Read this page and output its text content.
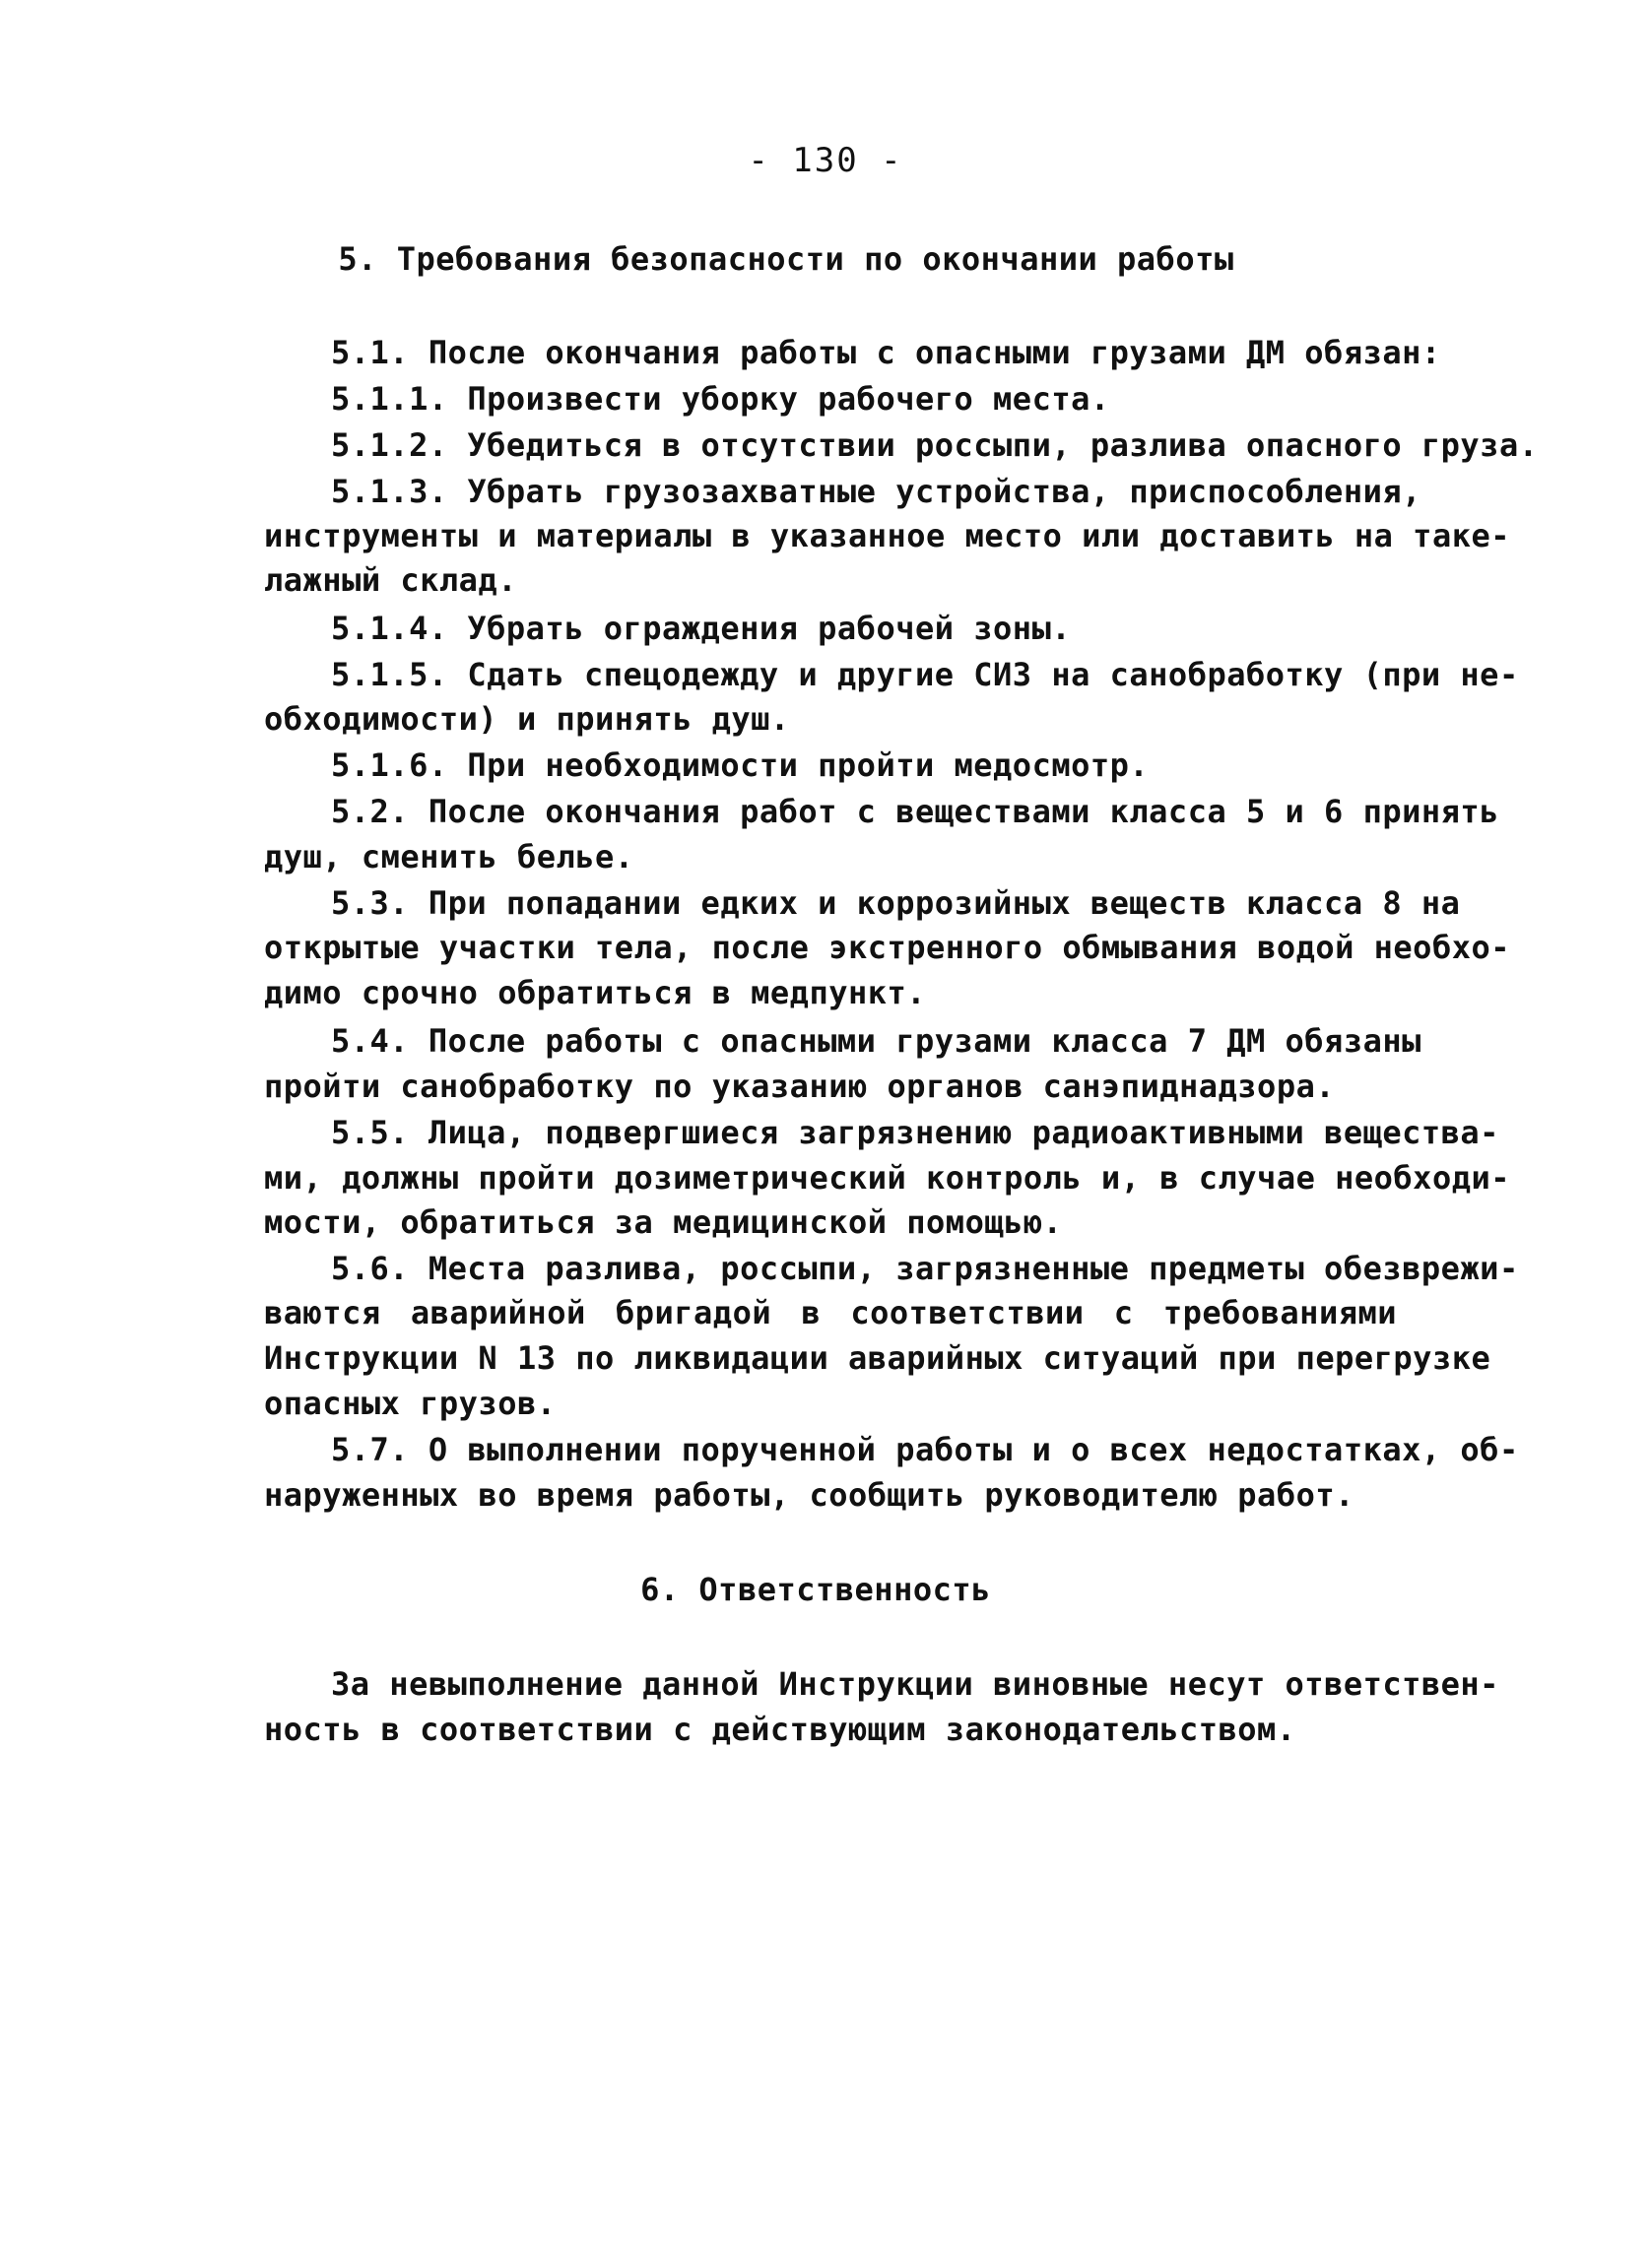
- 130 -
5. Требования безопасности по окончании работы
5.1. После окончания работы с опасными грузами ДМ обязан:
5.1.1. Произвести уборку рабочего места.
5.1.2. Убедиться в отсутствии россыпи, разлива опасного груза.
5.1.3. Убрать грузозахватные устройства, приспособления,
инструменты и материалы в указанное место или доставить на таке-
лажный склад.
5.1.4. Убрать ограждения рабочей зоны.
5.1.5. Сдать спецодежду и другие СИЗ на санобработку (при не-
обходимости) и принять душ.
5.1.6. При необходимости пройти медосмотр.
5.2. После окончания работ с веществами класса 5 и 6 принять
душ, сменить белье.
5.3. При попадании едких и коррозийных веществ класса 8 на
открытые участки тела, после экстренного обмывания водой необхо-
димо срочно обратиться в медпункт.
5.4. После работы с опасными грузами класса 7 ДМ обязаны
пройти санобработку по указанию органов санэпиднадзора.
5.5. Лица, подвергшиеся загрязнению радиоактивными вещества-
ми, должны пройти дозиметрический контроль и, в случае необходи-
мости, обратиться за медицинской помощью.
5.6. Места разлива, россыпи, загрязненные предметы обезврежи-
ваются аварийной бригадой в соответствии с требованиями
Инструкции N 13 по ликвидации аварийных ситуаций при перегрузке
опасных грузов.
5.7. О выполнении порученной работы и о всех недостатках, об-
наруженных во время работы, сообщить руководителю работ.
6. Ответственность
За невыполнение данной Инструкции виновные несут ответствен-
ность в соответствии с действующим законодательством.
